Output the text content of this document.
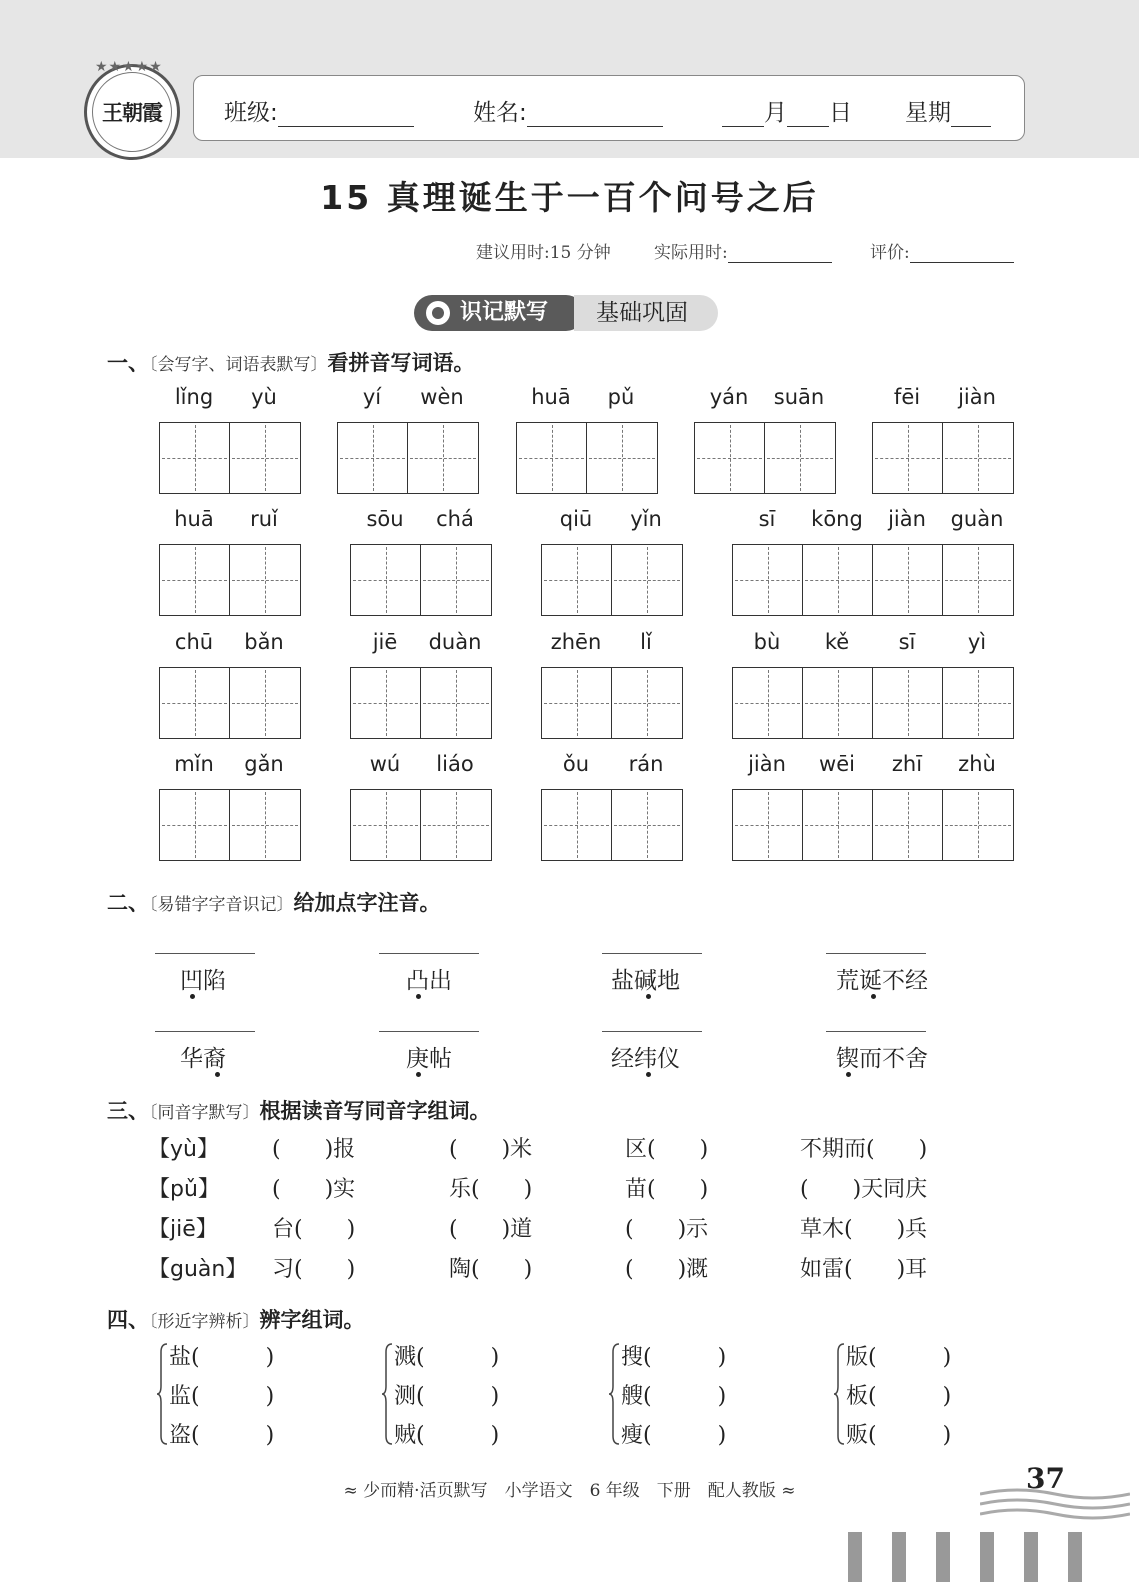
★★★★★
王朝霞	班级:	姓名:	月 日 星期
15 真理诞生于一百个问号之后
建议用时:15 分钟	实际用时:	评价:
识记默写	基础巩固
一、〔会写字、词语表默写〕看拼音写词语。
lǐng	yù	yí	wèn	huā	pǔ	yán	suān	fēi	jiàn
huā	ruǐ	sōu	chá	qiū	yǐn	sī	kōng	jiàn	guàn
chū	bǎn	jiē	duàn	zhēn	lǐ	bù	kě	sī	yì
mǐn	gǎn	wú	liáo	ǒu	rán	jiàn	wēi	zhī	zhù
二、〔易错字字音识记〕给加点字注音。
凹陷	凸出	盐碱地	荒诞不经
华裔	庚帖	经纬仪	锲而不舍
三、〔同音字默写〕根据读音写同音字组词。
【yù】 (　　)报	(　　)米	区(　　)	不期而(　　)
【pǔ】 (　　)实	乐(　　)	苗(　　)	(　　)天同庆
【jiē】 台(　　)	(　　)道	(　　)示	草木(　　)兵
【guàn】 习(　　)	陶(　　)	(　　)溉	如雷(　　)耳
四、〔形近字辨析〕辨字组词。
盐(　　　)
监(　　　)
盗(　　　)
溅(　　　)
测(　　　)
贼(　　　)
搜(　　　)
艘(　　　)
瘦(　　　)
版(　　　)
板(　　　)
贩(　　　)
≈ 少而精·活页默写　小学语文　6 年级　下册　配人教版 ≈	37
